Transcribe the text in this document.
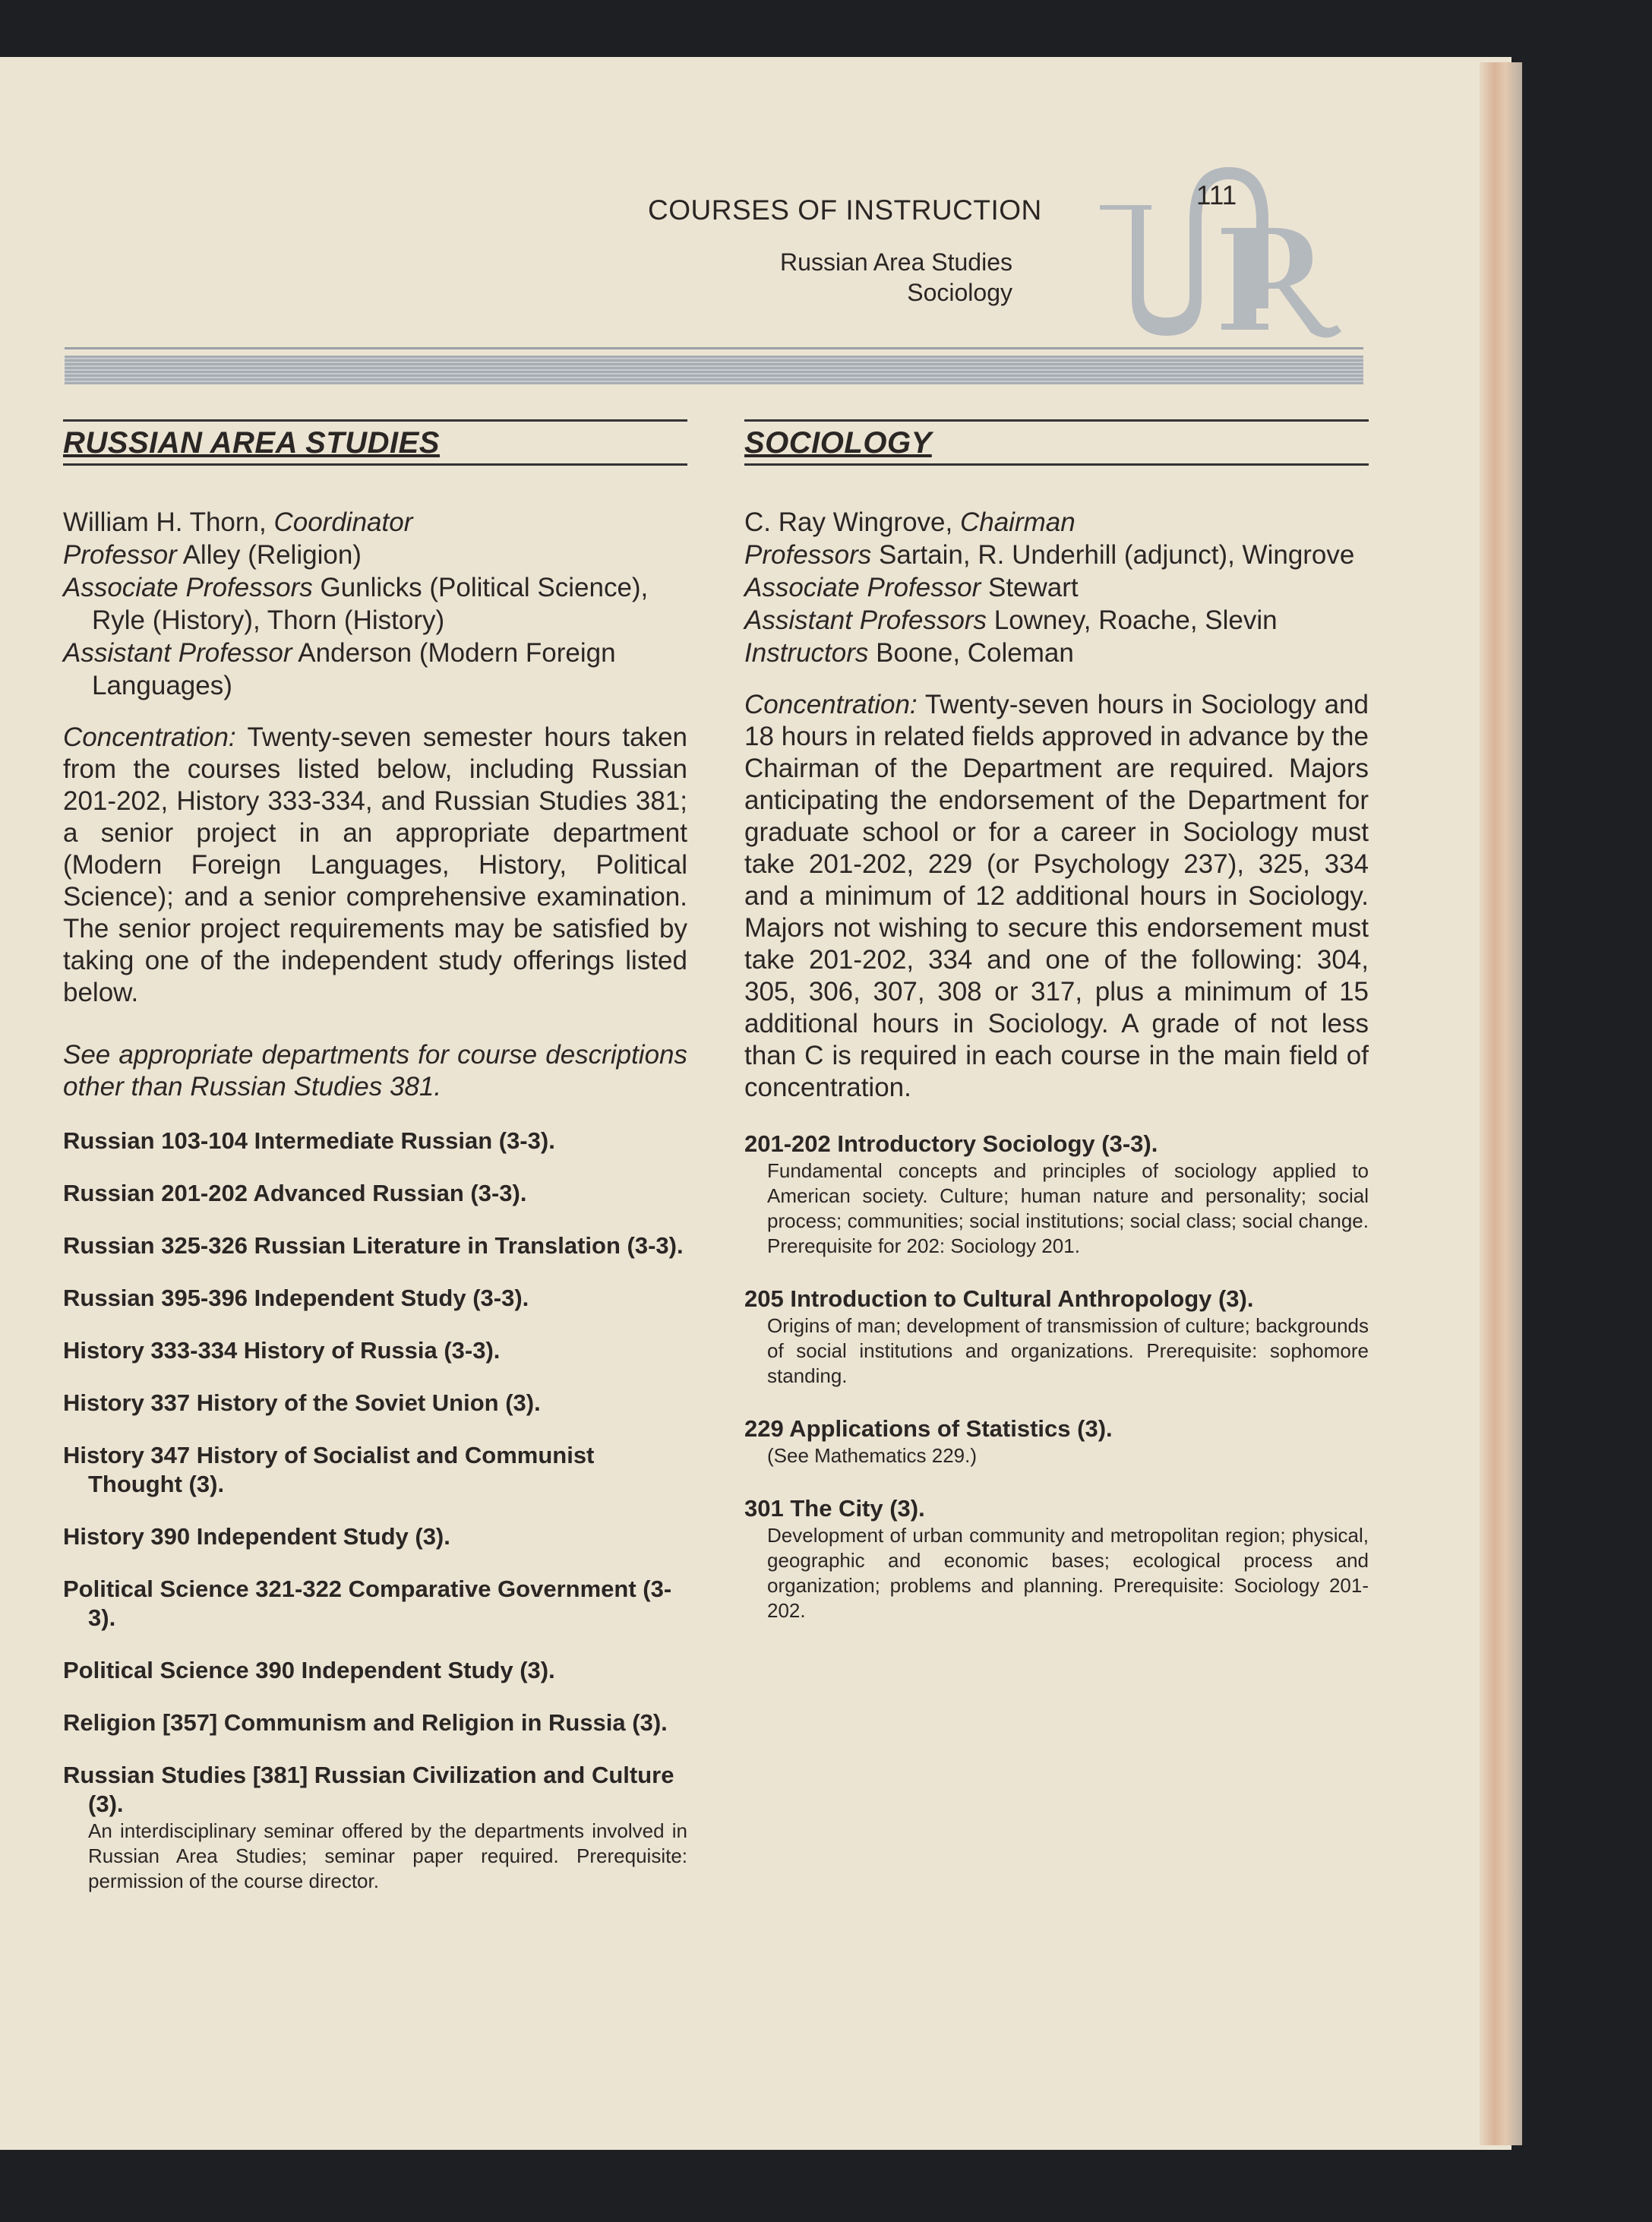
COURSES OF INSTRUCTION
Russian Area Studies
Sociology
111
RUSSIAN AREA STUDIES
William H. Thorn, Coordinator
Professor Alley (Religion)
Associate Professors Gunlicks (Political Science), Ryle (History), Thorn (History)
Assistant Professor Anderson (Modern Foreign Languages)
Concentration: Twenty-seven semester hours taken from the courses listed below, including Russian 201-202, History 333-334, and Russian Studies 381; a senior project in an appropriate department (Modern Foreign Languages, History, Political Science); and a senior comprehensive examination. The senior project requirements may be satisfied by taking one of the independent study offerings listed below.
See appropriate departments for course descriptions other than Russian Studies 381.
Russian 103-104 Intermediate Russian (3-3).
Russian 201-202 Advanced Russian (3-3).
Russian 325-326 Russian Literature in Translation (3-3).
Russian 395-396 Independent Study (3-3).
History 333-334 History of Russia (3-3).
History 337 History of the Soviet Union (3).
History 347 History of Socialist and Communist Thought (3).
History 390 Independent Study (3).
Political Science 321-322 Comparative Government (3-3).
Political Science 390 Independent Study (3).
Religion [357] Communism and Religion in Russia (3).
Russian Studies [381] Russian Civilization and Culture (3).
An interdisciplinary seminar offered by the departments involved in Russian Area Studies; seminar paper required. Prerequisite: permission of the course director.
SOCIOLOGY
C. Ray Wingrove, Chairman
Professors Sartain, R. Underhill (adjunct), Wingrove
Associate Professor Stewart
Assistant Professors Lowney, Roache, Slevin
Instructors Boone, Coleman
Concentration: Twenty-seven hours in Sociology and 18 hours in related fields approved in advance by the Chairman of the Department are required. Majors anticipating the endorsement of the Department for graduate school or for a career in Sociology must take 201-202, 229 (or Psychology 237), 325, 334 and a minimum of 12 additional hours in Sociology. Majors not wishing to secure this endorsement must take 201-202, 334 and one of the following: 304, 305, 306, 307, 308 or 317, plus a minimum of 15 additional hours in Sociology. A grade of not less than C is required in each course in the main field of concentration.
201-202 Introductory Sociology (3-3).
Fundamental concepts and principles of sociology applied to American society. Culture; human nature and personality; social process; communities; social institutions; social class; social change. Prerequisite for 202: Sociology 201.
205 Introduction to Cultural Anthropology (3).
Origins of man; development of transmission of culture; backgrounds of social institutions and organizations. Prerequisite: sophomore standing.
229 Applications of Statistics (3).
(See Mathematics 229.)
301 The City (3).
Development of urban community and metropolitan region; physical, geographic and economic bases; ecological process and organization; problems and planning. Prerequisite: Sociology 201-202.
